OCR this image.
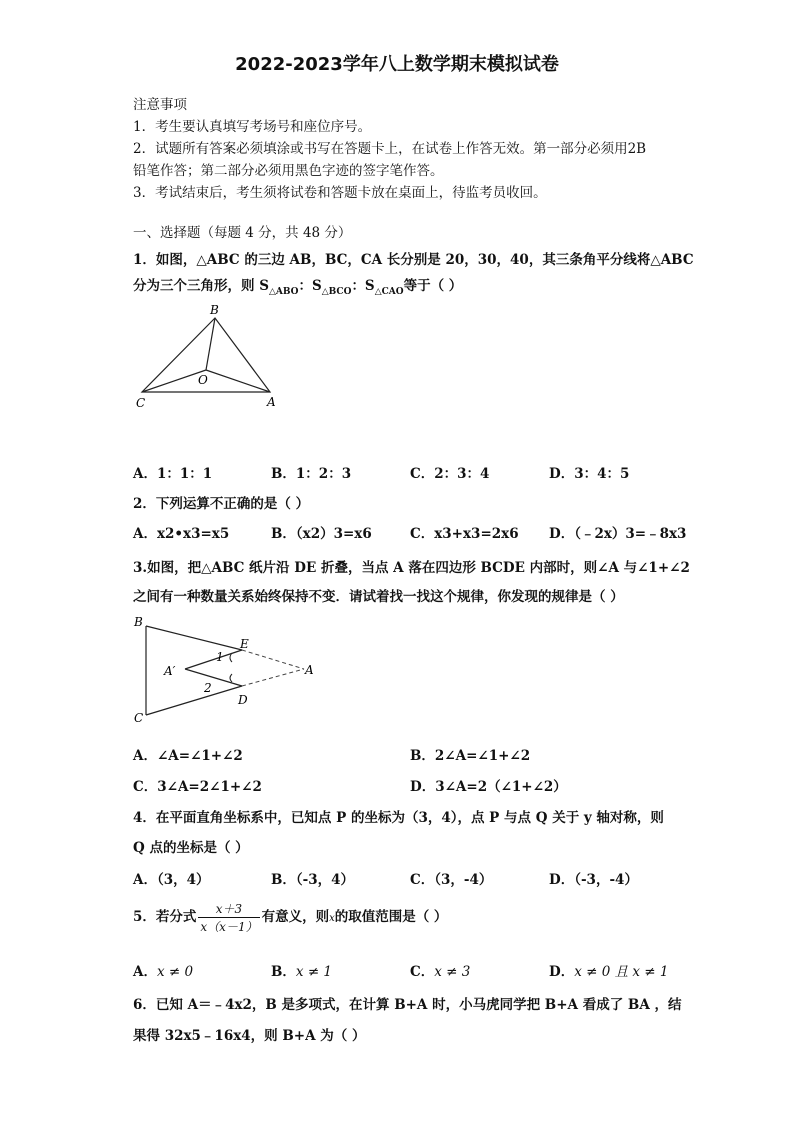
2022-2023学年八上数学期末模拟试卷
注意事项
1．考生要认真填写考场号和座位序号。
2．试题所有答案必须填涂或书写在答题卡上，在试卷上作答无效。第一部分必须用2B
铅笔作答；第二部分必须用黑色字迹的签字笔作答。
3．考试结束后，考生须将试卷和答题卡放在桌面上，待监考员收回。
一、选择题（每题 4 分，共 48 分）
1．如图，△ABC 的三边 AB，BC，CA 长分别是 20，30，40，其三条角平分线将△ABC
分为三个三角形，则 $S_{\triangle ABO}$：$S_{\triangle BCO}$：$S_{\triangle CAO}$等于（ ）
B
O
C	A
A．1：1：1	B．1：2：3	C．2：3：4	D．3：4：5
2．下列运算不正确的是（ ）
A．x2•x3=x5	B．（x2）3=x6	C．x3+x3=2x6 D．（﹣2x）3=﹣8x3
3.如图，把△ABC 纸片沿 DE 折叠，当点 A 落在四边形 BCDE 内部时，则∠A 与∠1+∠2
之间有一种数量关系始终保持不变．请试着找一找这个规律，你发现的规律是（ ）
B
E
1
A′	A
2
D
C
A．∠A=∠1+∠2	B．2∠A=∠1+∠2
C．3∠A=2∠1+∠2	D．3∠A=2（∠1+∠2）
4．在平面直角坐标系中，已知点 P 的坐标为（3，4），点 P 与点 Q 关于 y 轴对称，则
Q 点的坐标是（ ）
A．（3，4）	B．（-3，4）	C．（3，-4）	D．（-3，-4）
5．若分式 $\frac{x+3}{x(x-1)}$ 有意义，则x的取值范围是（ ）
A．x ≠ 0	B．x ≠ 1	C．x ≠ 3	D．x ≠ 0 且 x ≠ 1
6．已知 A＝﹣4x2，B 是多项式，在计算 B+A 时，小马虎同学把 B+A 看成了 BA ，结
果得 32x5﹣16x4，则 B+A 为（ ）
